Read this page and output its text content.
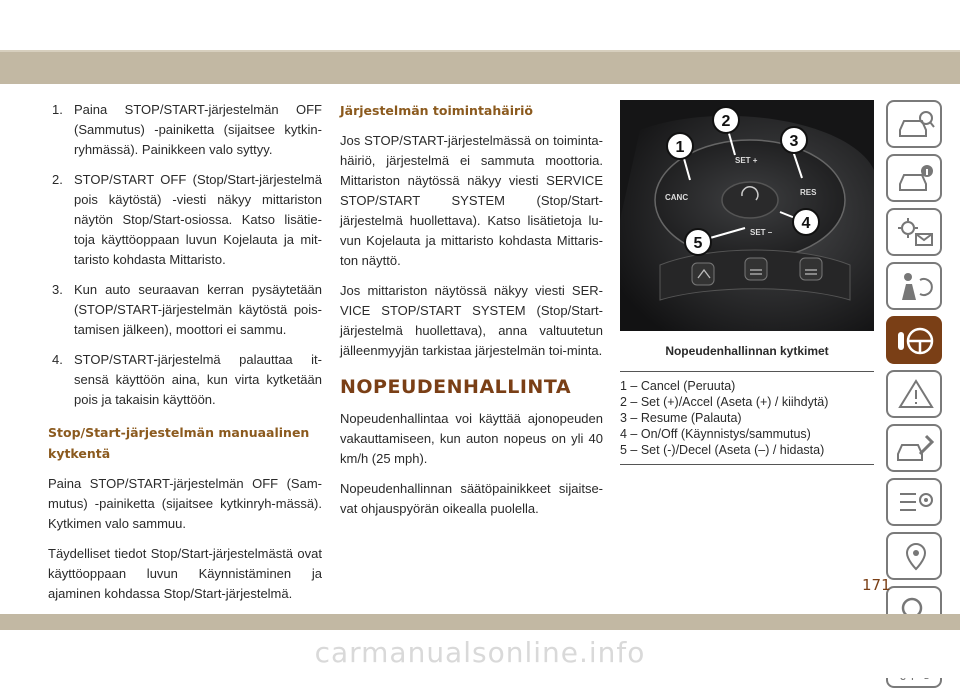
1. Paina STOP/START-järjestelmän OFF (Sammutus) -painiketta (sijaitsee kytkin-ryhmässä). Painikkeen valo syttyy.
2. STOP/START OFF (Stop/Start-järjestelmä pois käytöstä) -viesti näkyy mittariston näytön Stop/Start-osiossa. Katso lisätie-toja käyttöoppaan luvun Kojelauta ja mit-taristo kohdasta Mittaristo.
3. Kun auto seuraavan kerran pysäytetään (STOP/START-järjestelmän käytöstä pois-tamisen jälkeen), moottori ei sammu.
4. STOP/START-järjestelmä palauttaa it-sensä käyttöön aina, kun virta kytketään pois ja takaisin käyttöön.
Stop/Start-järjestelmän manuaalinen kytkentä

Paina STOP/START-järjestelmän OFF (Sam-mutus) -painiketta (sijaitsee kytkinryh-mässä). Kytkimen valo sammuu.

Täydelliset tiedot Stop/Start-järjestelmästä ovat käyttöoppaan luvun Käynnistäminen ja ajaminen kohdassa Stop/Start-järjestelmä.

Järjestelmän toimintahäiriö

Jos STOP/START-järjestelmässä on toiminta-häiriö, järjestelmä ei sammuta moottoria. Mittariston näytössä näkyy viesti SERVICE STOP/START SYSTEM (Stop/Start-järjestelmä huollettava). Katso lisätietoja lu-vun Kojelauta ja mittaristo kohdasta Mittaris-ton näyttö.

Jos mittariston näytössä näkyy viesti SER-VICE STOP/START SYSTEM (Stop/Start-järjestelmä huollettava), anna valtuutetun jälleenmyyjän tarkistaa järjestelmän toi-minta.

NOPEUDENHALLINTA

Nopeudenhallintaa voi käyttää ajonopeuden vakauttamiseen, kun auton nopeus on yli 40 km/h (25 mph).

Nopeudenhallinnan säätöpainikkeet sijaitse-vat ohjauspyörän oikealla puolella.

CANC
SET +
RES
SET –
1
2
3
4
5
Nopeudenhallinnan kytkimet
1 – Cancel (Peruuta)
2 – Set (+)/Accel (Aseta (+) / kiihdytä)
3 – Resume (Palauta)
4 – On/Off (Käynnistys/sammutus)
5 – Set (-)/Decel (Aseta (–) / hidasta)
171
carmanualsonline.info
